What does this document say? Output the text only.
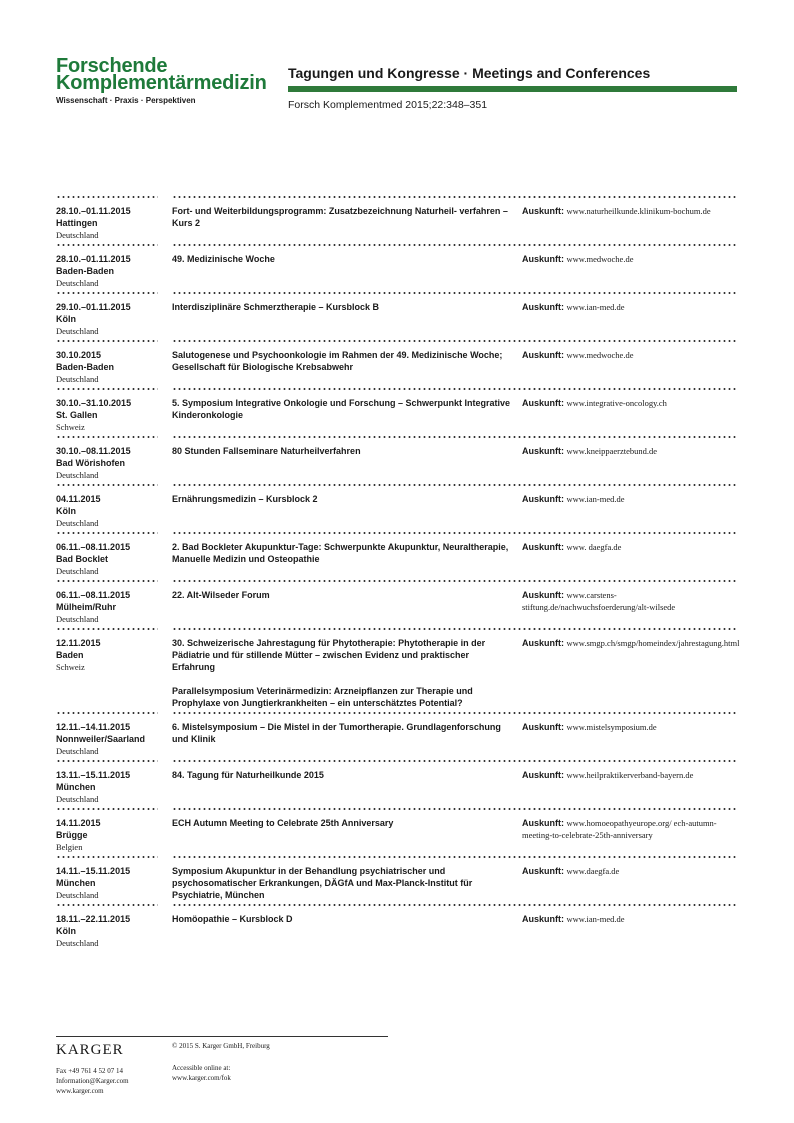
Forschende
Komplementärmedizin
Wissenschaft · Praxis · Perspektiven
Tagungen und Kongresse · Meetings and Conferences
Forsch Komplementmed 2015;22:348–351
28.10.–01.11.2015
Hattingen
Deutschland
Fort- und Weiterbildungsprogramm: Zusatzbezeichnung Naturheil- verfahren – Kurs 2
Auskunft: www.naturheilkunde.klinikum-bochum.de
28.10.–01.11.2015
Baden-Baden
Deutschland
49. Medizinische Woche	Auskunft: www.medwoche.de
29.10.–01.11.2015
Köln
Deutschland
Interdisziplinäre Schmerztherapie – Kursblock B	Auskunft: www.ian-med.de
30.10.2015
Baden-Baden
Deutschland
Salutogenese und Psychoonkologie im Rahmen der 49. Medizinische Woche; Gesellschaft für Biologische Krebsabwehr
Auskunft: www.medwoche.de
30.10.–31.10.2015
St. Gallen
Schweiz
5. Symposium Integrative Onkologie und Forschung – Schwerpunkt Integrative Kinderonkologie
Auskunft: www.integrative-oncology.ch
30.10.–08.11.2015
Bad Wörishofen
Deutschland
80 Stunden Fallseminare Naturheilverfahren	Auskunft: www.kneippaerztebund.de
04.11.2015
Köln
Deutschland
Ernährungsmedizin – Kursblock 2	Auskunft: www.ian-med.de
06.11.–08.11.2015
Bad Bocklet
Deutschland
2. Bad Bockleter Akupunktur-Tage: Schwerpunkte Akupunktur, Neuraltherapie, Manuelle Medizin und Osteopathie
Auskunft: www. daegfa.de
06.11.–08.11.2015
Mülheim/Ruhr
Deutschland
22. Alt-Wilseder Forum	Auskunft: www.carstens-stiftung.de/nachwuchsfoerderung/alt-wilsede
12.11.2015
Baden
Schweiz
30. Schweizerische Jahrestagung für Phytotherapie: Phytotherapie in der Pädiatrie und für stillende Mütter – zwischen Evidenz und praktischer Erfahrung
Parallelsymposium Veterinärmedizin: Arzneipflanzen zur Therapie und Prophylaxe von Jungtierkrankheiten – ein unterschätztes Potential?
Auskunft: www.smgp.ch/smgp/homeindex/jahrestagung.html
12.11.–14.11.2015
Nonnweiler/Saarland
Deutschland
6. Mistelsymposium – Die Mistel in der Tumortherapie. Grundlagenforschung und Klinik
Auskunft: www.mistelsymposium.de
13.11.–15.11.2015
München
Deutschland
84. Tagung für Naturheilkunde 2015	Auskunft: www.heilpraktikerverband-bayern.de
14.11.2015
Brügge
Belgien
ECH Autumn Meeting to Celebrate 25th Anniversary	Auskunft: www.homoeopathyeurope.org/ ech-autumn-meeting-to-celebrate-25th-anniversary
14.11.–15.11.2015
München
Deutschland
Symposium Akupunktur in der Behandlung psychiatrischer und psychosomatischer Erkrankungen, DÄGfA und Max-Planck-Institut für Psychiatrie, München
Auskunft: www.daegfa.de
18.11.–22.11.2015
Köln
Deutschland
Homöopathie – Kursblock D	Auskunft: www.ian-med.de
KARGER
Fax +49 761 4 52 07 14
Information@Karger.com
www.karger.com
© 2015 S. Karger GmbH, Freiburg
Accessible online at:
www.karger.com/fok
